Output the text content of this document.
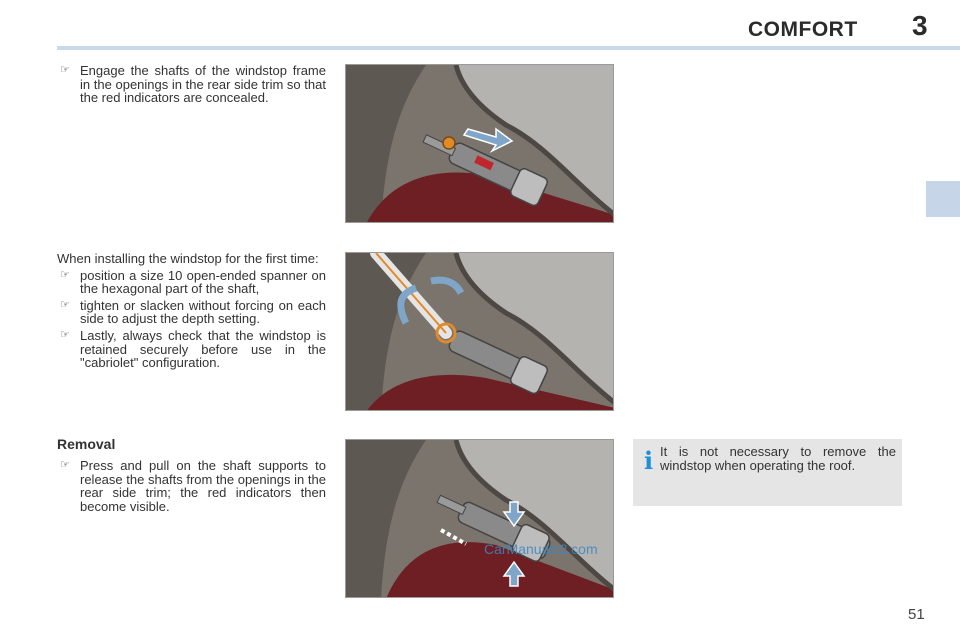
COMFORT 3
☞ Engage the shafts of the windstop frame in the openings in the rear side trim so that the red indicators are concealed.
When installing the windstop for the first time:
☞ position a size 10 open-ended spanner on the hexagonal part of the shaft,
☞ tighten or slacken without forcing on each side to adjust the depth setting.
☞ Lastly, always check that the windstop is retained securely before use in the "cabriolet" configuration.
Removal
☞ Press and pull on the shaft supports to release the shafts from the openings in the rear side trim; the red indicators then become visible.
i It is not necessary to remove the windstop when operating the roof.
CarManuals2.com
51
